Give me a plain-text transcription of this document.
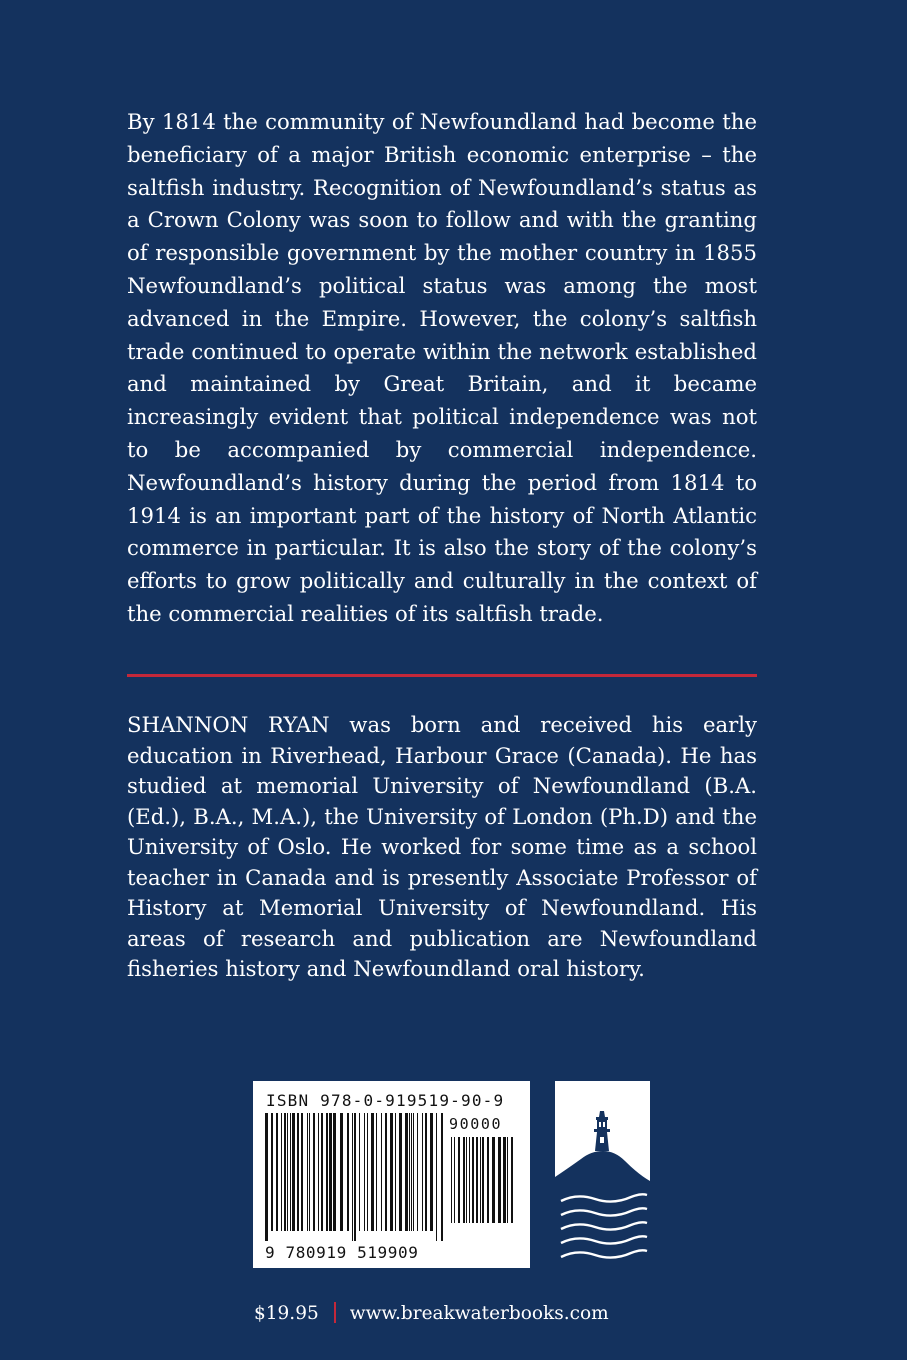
By 1814 the community of Newfoundland had become the beneficiary of a major British economic enterprise – the saltfish industry. Recognition of Newfoundland’s status as a Crown Colony was soon to follow and with the granting of responsible government by the mother country in 1855 Newfoundland’s political status was among the most advanced in the Empire. However, the colony’s saltfish trade continued to operate within the network established and maintained by Great Britain, and it became increasingly evident that political independence was not to be accompanied by commercial independence. Newfoundland’s history during the period from 1814 to 1914 is an important part of the history of North Atlantic commerce in particular. It is also the story of the colony’s efforts to grow politically and culturally in the context of the commercial realities of its saltfish trade.

SHANNON RYAN was born and received his early education in Riverhead, Harbour Grace (Canada). He has studied at memorial University of Newfoundland (B.A. (Ed.), B.A., M.A.), the University of London (Ph.D) and the University of Oslo. He worked for some time as a school teacher in Canada and is presently Associate Professor of History at Memorial University of Newfoundland. His areas of research and publication are Newfoundland fisheries history and Newfoundland oral history.

ISBN 978-0-919519-90-9
90000
9 780919 519909
$19.95 www.breakwaterbooks.com
